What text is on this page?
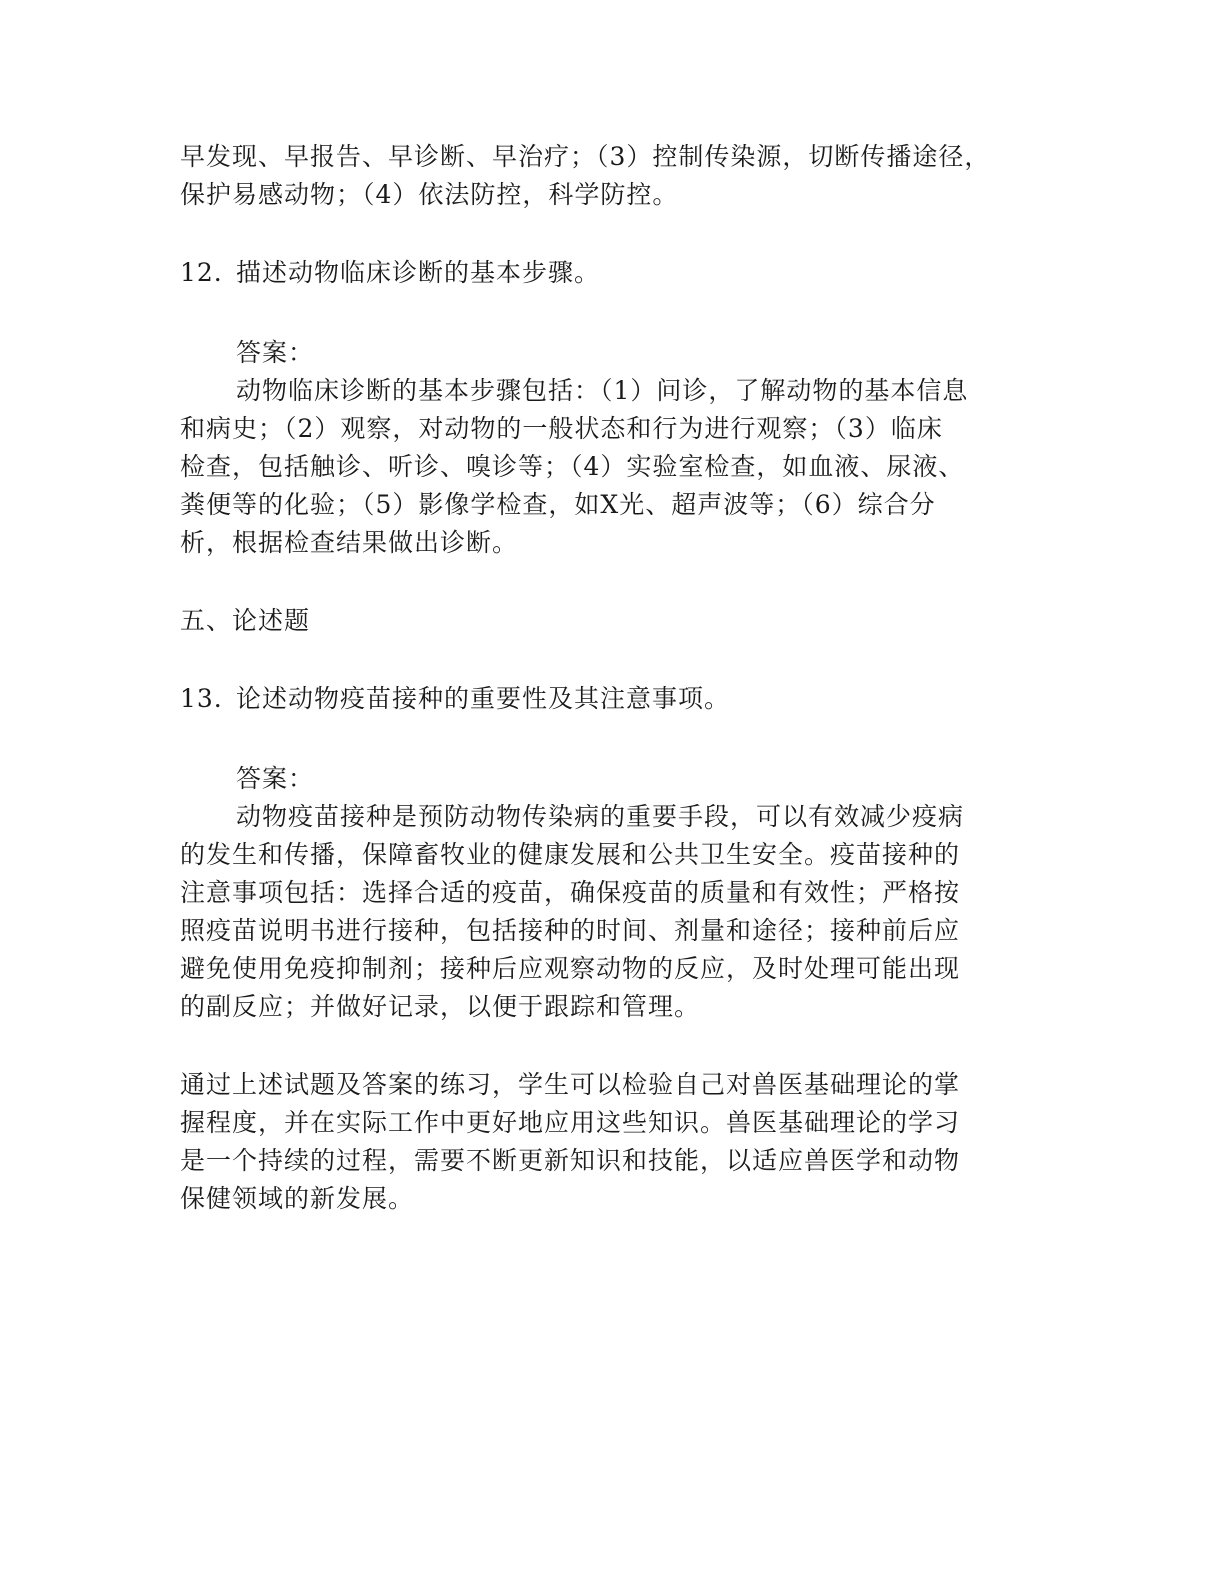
早发现、早报告、早诊断、早治疗；（3）控制传染源，切断传播途径，
保护易感动物；（4）依法防控，科学防控。
12. 描述动物临床诊断的基本步骤。
答案：
动物临床诊断的基本步骤包括：（1）问诊，了解动物的基本信息
和病史；（2）观察，对动物的一般状态和行为进行观察；（3）临床
检查，包括触诊、听诊、嗅诊等；（4）实验室检查，如血液、尿液、
粪便等的化验；（5）影像学检查，如X光、超声波等；（6）综合分
析，根据检查结果做出诊断。
五、论述题
13. 论述动物疫苗接种的重要性及其注意事项。
答案：
动物疫苗接种是预防动物传染病的重要手段，可以有效减少疫病
的发生和传播，保障畜牧业的健康发展和公共卫生安全。疫苗接种的
注意事项包括：选择合适的疫苗，确保疫苗的质量和有效性；严格按
照疫苗说明书进行接种，包括接种的时间、剂量和途径；接种前后应
避免使用免疫抑制剂；接种后应观察动物的反应，及时处理可能出现
的副反应；并做好记录，以便于跟踪和管理。
通过上述试题及答案的练习，学生可以检验自己对兽医基础理论的掌
握程度，并在实际工作中更好地应用这些知识。兽医基础理论的学习
是一个持续的过程，需要不断更新知识和技能，以适应兽医学和动物
保健领域的新发展。
